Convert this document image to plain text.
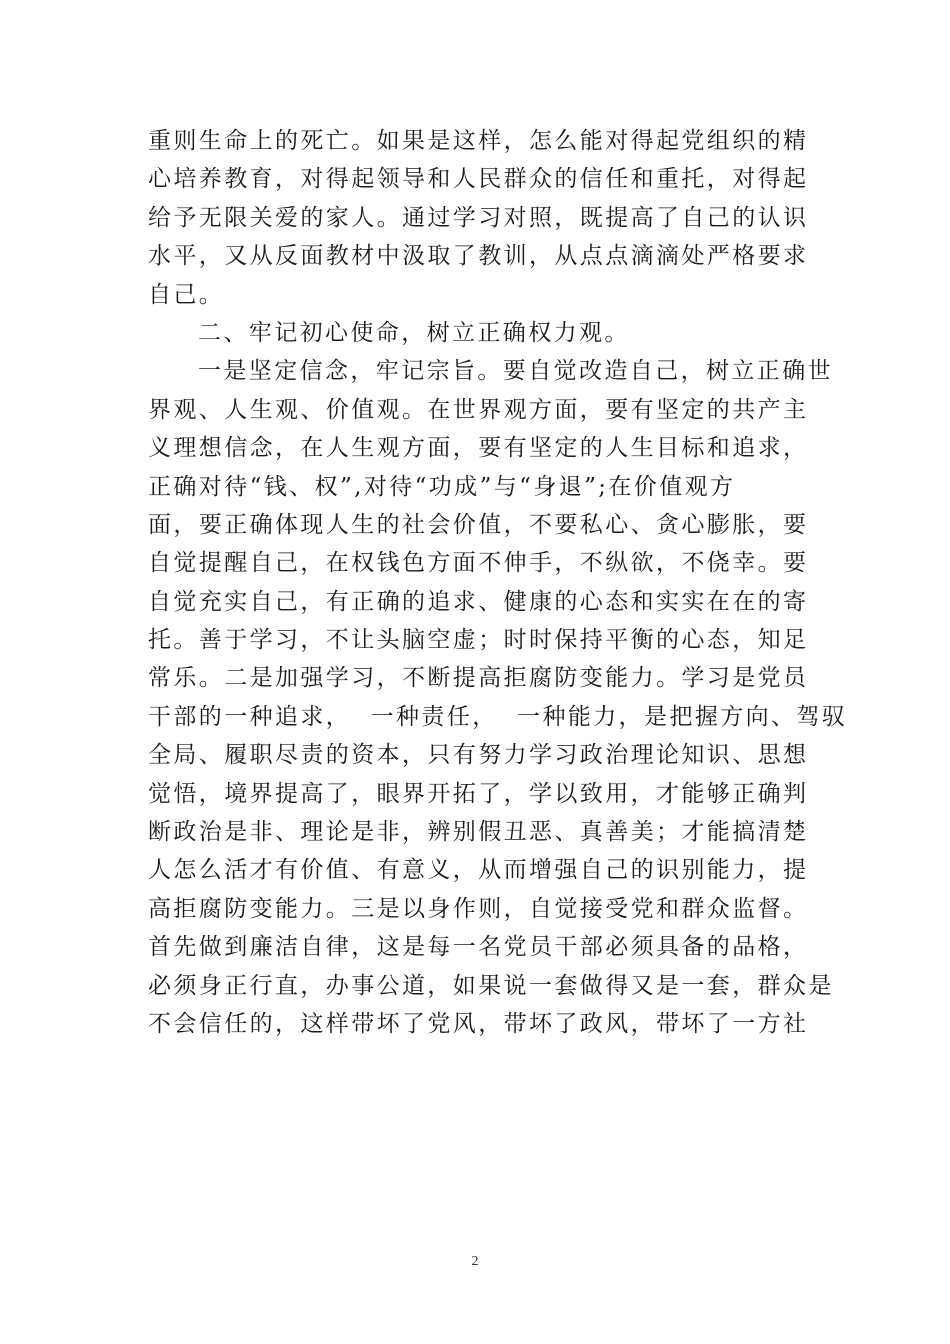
重则生命上的死亡。如果是这样，怎么能对得起党组织的精
心培养教育，对得起领导和人民群众的信任和重托，对得起
给予无限关爱的家人。通过学习对照，既提高了自己的认识
水平，又从反面教材中汲取了教训，从点点滴滴处严格要求
自己。
二、牢记初心使命，树立正确权力观。
一是坚定信念，牢记宗旨。要自觉改造自己，树立正确世
界观、人生观、价值观。在世界观方面，要有坚定的共产主
义理想信念，在人生观方面，要有坚定的人生目标和追求，
正确对待“钱、权”,对待“功成”与“身退”;在价值观方
面，要正确体现人生的社会价值，不要私心、贪心膨胀，要
自觉提醒自己，在权钱色方面不伸手，不纵欲，不侥幸。要
自觉充实自己，有正确的追求、健康的心态和实实在在的寄
托。善于学习，不让头脑空虚；时时保持平衡的心态，知足
常乐。二是加强学习，不断提高拒腐防变能力。学习是党员
干部的一种追求，  一种责任，  一种能力，是把握方向、驾驭
全局、履职尽责的资本，只有努力学习政治理论知识、思想
觉悟，境界提高了，眼界开拓了，学以致用，才能够正确判
断政治是非、理论是非，辨别假丑恶、真善美；才能搞清楚
人怎么活才有价值、有意义，从而增强自己的识别能力，提
高拒腐防变能力。三是以身作则，自觉接受党和群众监督。
首先做到廉洁自律，这是每一名党员干部必须具备的品格，
必须身正行直，办事公道，如果说一套做得又是一套，群众是
不会信任的，这样带坏了党风，带坏了政风，带坏了一方社
2
